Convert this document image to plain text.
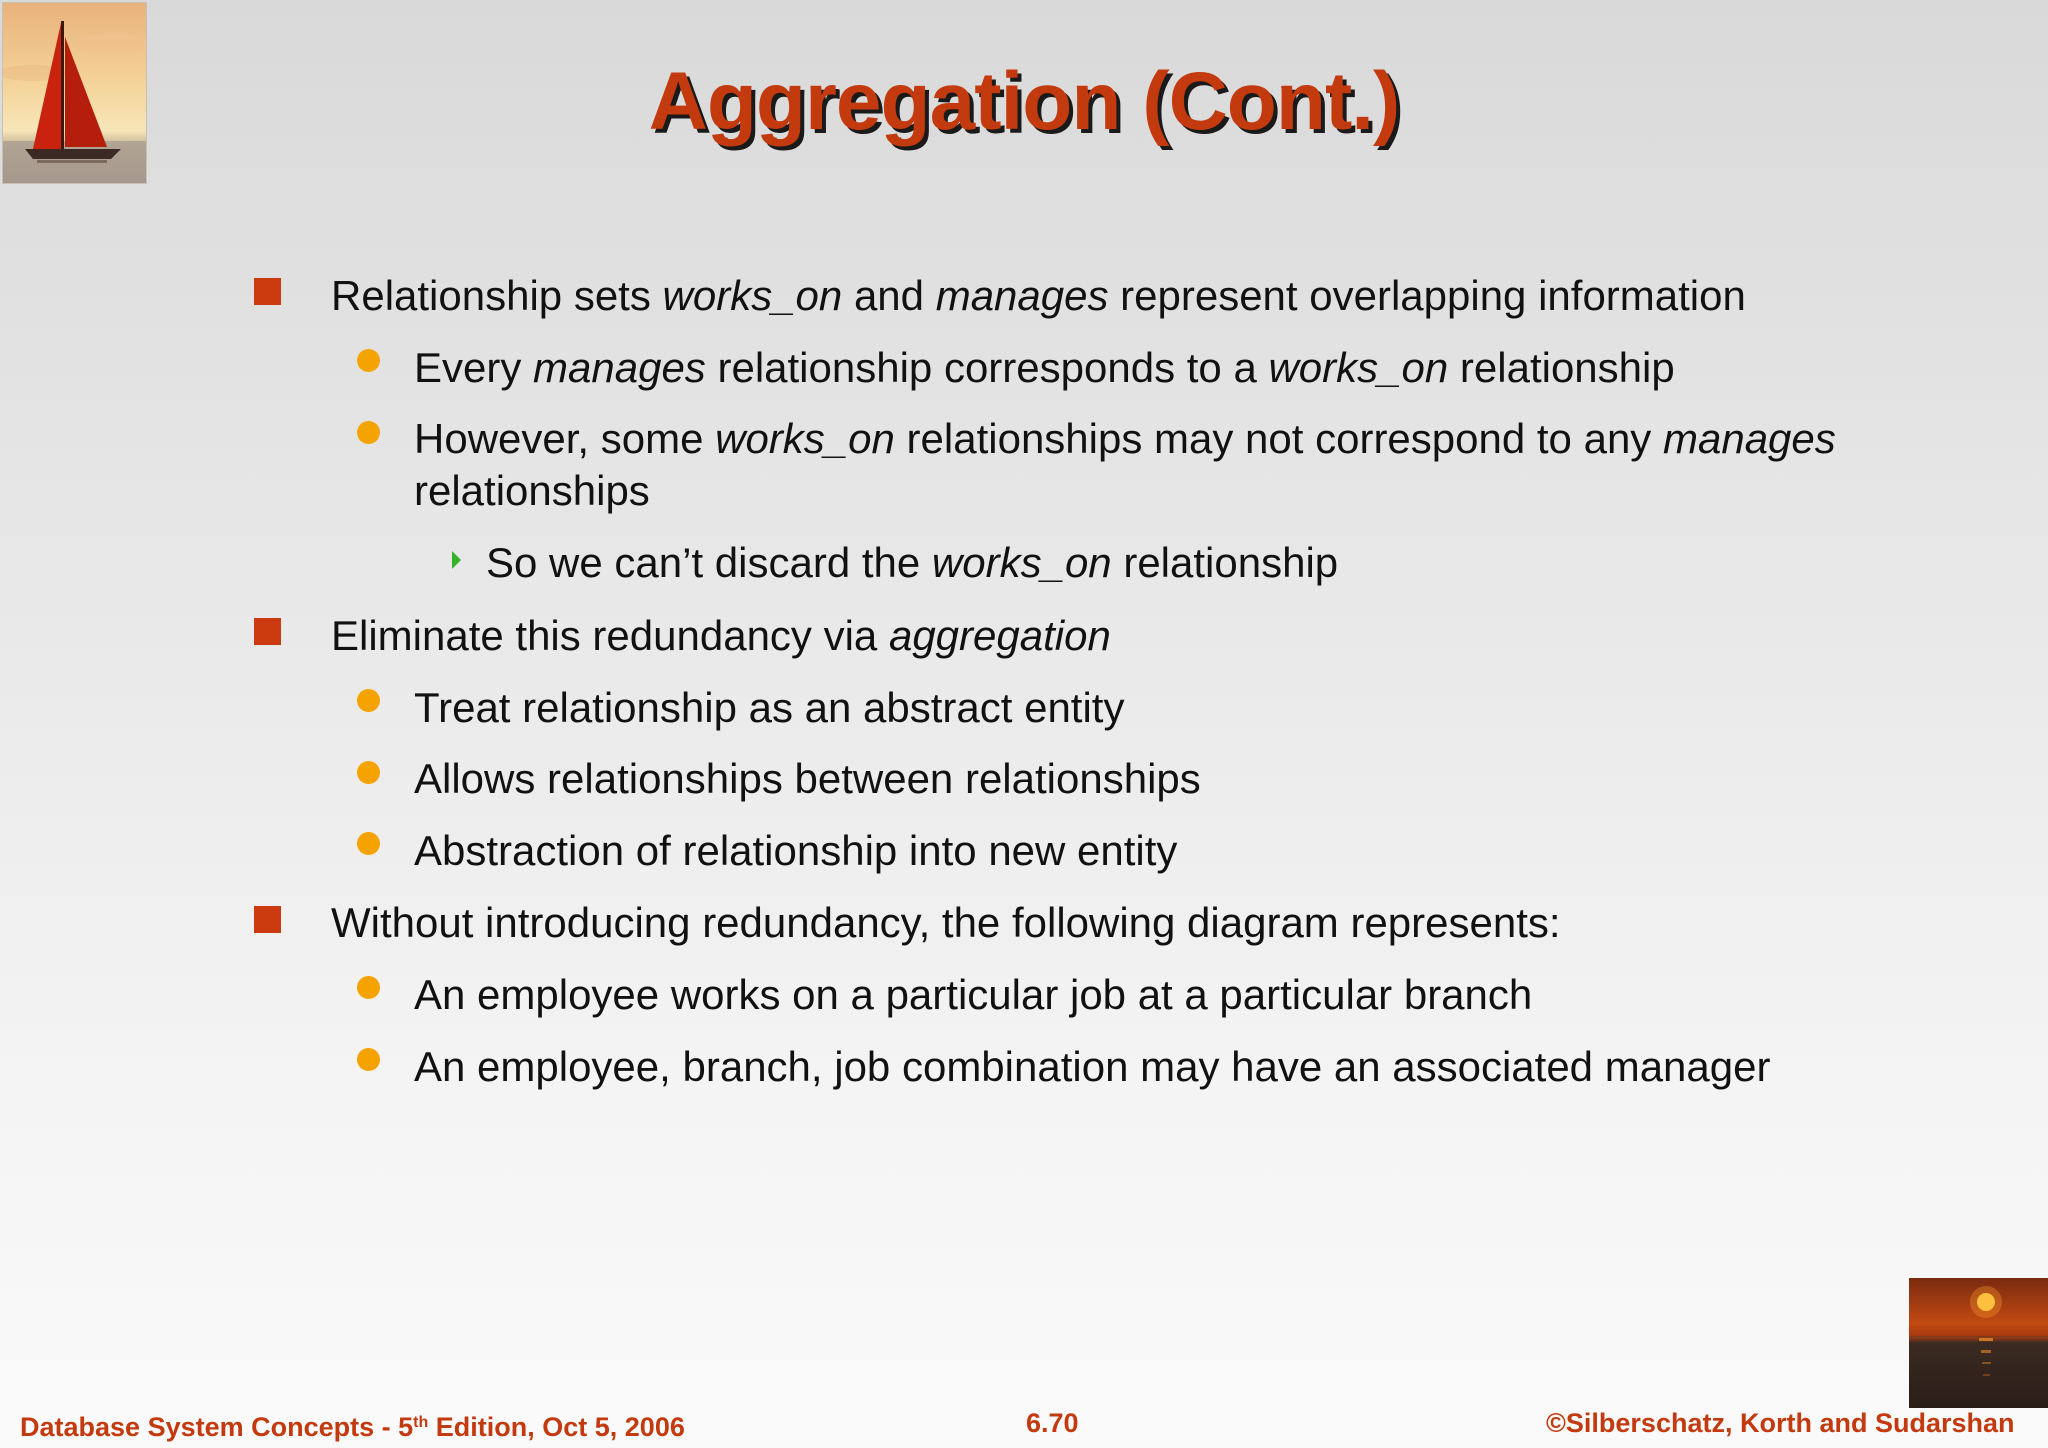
Aggregation (Cont.)
Relationship sets works_on and manages represent overlapping information
Every manages relationship corresponds to a works_on relationship
However, some works_on relationships may not correspond to any manages
relationships
So we can’t discard the works_on relationship
Eliminate this redundancy via aggregation
Treat relationship as an abstract entity
Allows relationships between relationships
Abstraction of relationship into new entity
Without introducing redundancy, the following diagram represents:
An employee works on a particular job at a particular branch
An employee, branch, job combination may have an associated manager
Database System Concepts - 5th Edition, Oct 5, 2006	6.70	©Silberschatz, Korth and Sudarshan
